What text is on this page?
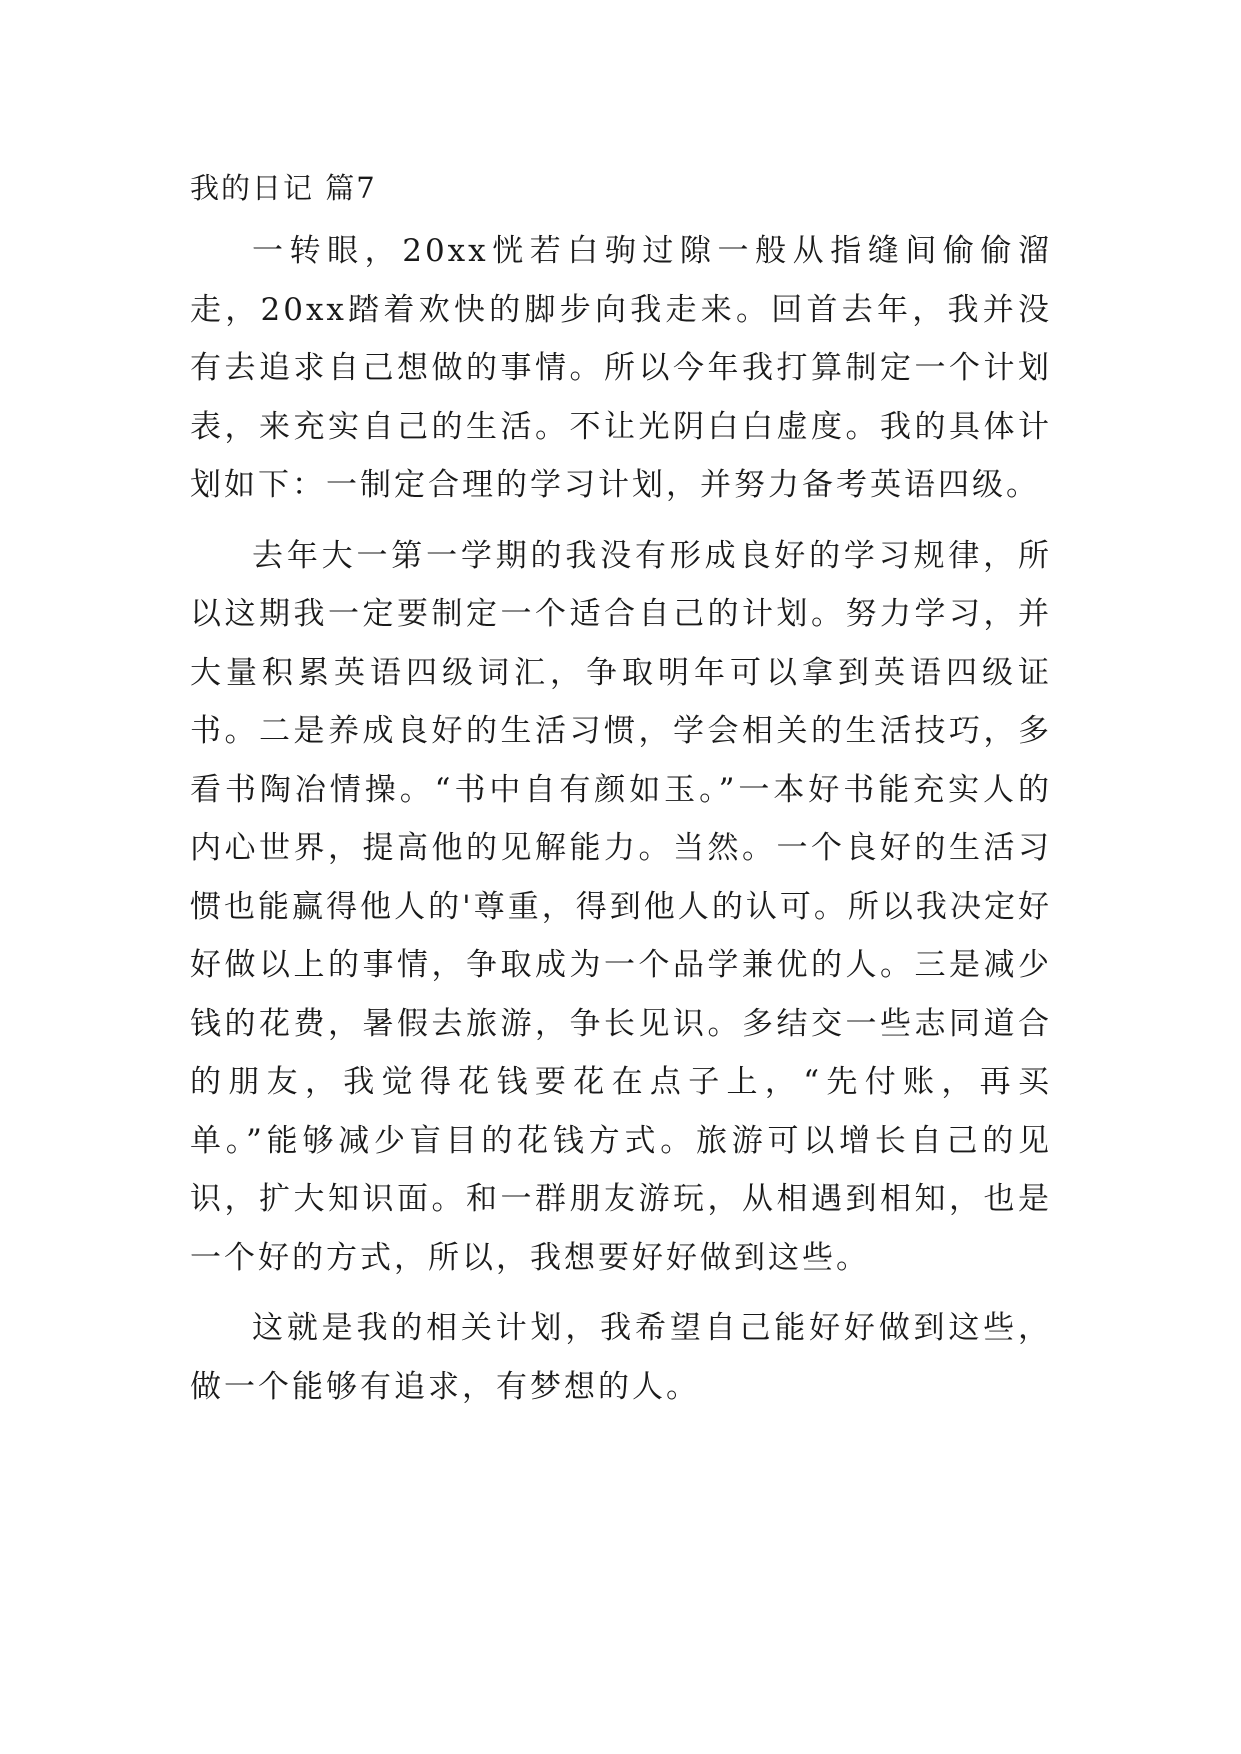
我的日记 篇7

一转眼，20xx恍若白驹过隙一般从指缝间偷偷溜走，20xx踏着欢快的脚步向我走来。回首去年，我并没有去追求自己想做的事情。所以今年我打算制定一个计划表，来充实自己的生活。不让光阴白白虚度。我的具体计划如下：一制定合理的学习计划，并努力备考英语四级。

去年大一第一学期的我没有形成良好的学习规律，所以这期我一定要制定一个适合自己的计划。努力学习，并大量积累英语四级词汇，争取明年可以拿到英语四级证书。二是养成良好的生活习惯，学会相关的生活技巧，多看书陶冶情操。“书中自有颜如玉。”一本好书能充实人的内心世界，提高他的见解能力。当然。一个良好的生活习惯也能赢得他人的'尊重，得到他人的认可。所以我决定好好做以上的事情，争取成为一个品学兼优的人。三是减少钱的花费，暑假去旅游，争长见识。多结交一些志同道合的朋友，我觉得花钱要花在点子上，“先付账，再买单。”能够减少盲目的花钱方式。旅游可以增长自己的见识，扩大知识面。和一群朋友游玩，从相遇到相知，也是一个好的方式，所以，我想要好好做到这些。

这就是我的相关计划，我希望自己能好好做到这些，做一个能够有追求，有梦想的人。
